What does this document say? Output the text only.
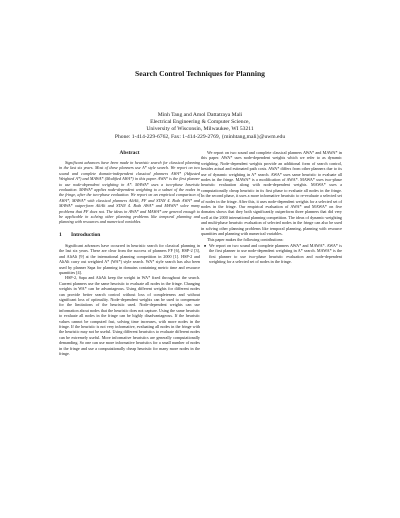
Search Control Techniques for Planning
Minh Tang and Amol Dattatraya Mali
Electrical Engineering & Computer Science,
University of Wisconsin, Milwaukee, WI 53211
Phone: 1-414-229-6762, Fax: 1-414-229-2769, {minhtang,mali}@uwm.edu
Abstract

Significant advances have been made in heuristic search for classical planning in the last six years. Most of these planners use A* style search. We report on two sound and complete domain-independent classical planners AWA* (Adjusted Weighted A*) and MAWA* (Modified AWA*) in this paper. AWA* is the first planner to use node-dependent weighting in A*. MAWA* uses a two-phase heuristic evaluation. MAWA* applies node-dependent weighting to a subset of the nodes in the fringe, after the two-phase evaluation. We report on an empirical comparison of AWA*, MAWA* with classical planners AltAlt, FF and STAN 4. Both AWA* and MAWA* outperform AltAlt and STAN 4. Both AWA* and MAWA* solve many problems that FF does not. The ideas in AWA* and MAWA* are general enough to be applicable in solving other planning problems like temporal planning and planning with resources and numerical variables.

1 Introduction

Significant advances have occurred in heuristic search for classical planning in the last six years. These are clear from the success of planners FF [6], HSP-2 [3], and AltAlt [9] at the international planning competition in 2000 [1]. HSP-2 and AltAlt carry out weighted A* (WA*) style search. WA* style search has also been used by planner Sapa for planning in domains containing metric time and resource quantities [4].

HSP-2, Sapa and AltAlt keep the weight in WA* fixed throughout the search. Current planners use the same heuristic to evaluate all nodes in the fringe. Changing weights in WA* can be advantageous. Using different weights for different nodes can provide better search control without loss of completeness and without significant loss of optimality. Node-dependent weights can be used to compensate for the limitations of the heuristic used. Node-dependent weights can use information about nodes that the heuristic does not capture. Using the same heuristic to evaluate all nodes in the fringe can be highly disadvantageous. If the heuristic values cannot be computed fast, solving time increases, with more nodes in the fringe. If the heuristic is not very informative, evaluating all nodes in the fringe with the heuristic may not be useful. Using different heuristics to evaluate different nodes can be extremely useful. More informative heuristics are generally computationally demanding. So one can use more informative heuristics for a small number of nodes in the fringe and use a computationally cheap heuristic for many more nodes in the fringe.

We report on two sound and complete classical planners AWA* and MAWA* in this paper. AWA* uses node-dependent weights which we refer to as dynamic weighting. Node-dependent weights provide an additional form of search control, besides actual and estimated path costs. AWA* differs from other planners due to its use of dynamic weighting in A* search. AWA* uses same heuristic to evaluate all nodes in the fringe. MAWA* is a modification of AWA*. MAWA* uses two-phase heuristic evaluation along with node-dependent weights. MAWA* uses a computationally cheap heuristic in its first phase to evaluate all nodes in the fringe. In the second phase, it uses a more informative heuristic to re-evaluate a selected set of nodes in the fringe. After this, it uses node-dependent weights for a selected set of nodes in the fringe. Our empirical evaluation of AWA* and MAWA* on five domains shows that they both significantly outperform three planners that did very well at the 2000 international planning competition. The ideas of dynamic weighting and multi-phase heuristic evaluation of selected nodes in the fringe can also be used in solving other planning problems like temporal planning, planning with resource quantities and planning with numerical variables.

This paper makes the following contributions:

● We report on two sound and complete planners AWA* and MAWA*. AWA* is the first planner to use node-dependent weighting in A* search. MAWA* is the first planner to use two-phase heuristic evaluation and node-dependent weighting for a selected set of nodes in the fringe.
